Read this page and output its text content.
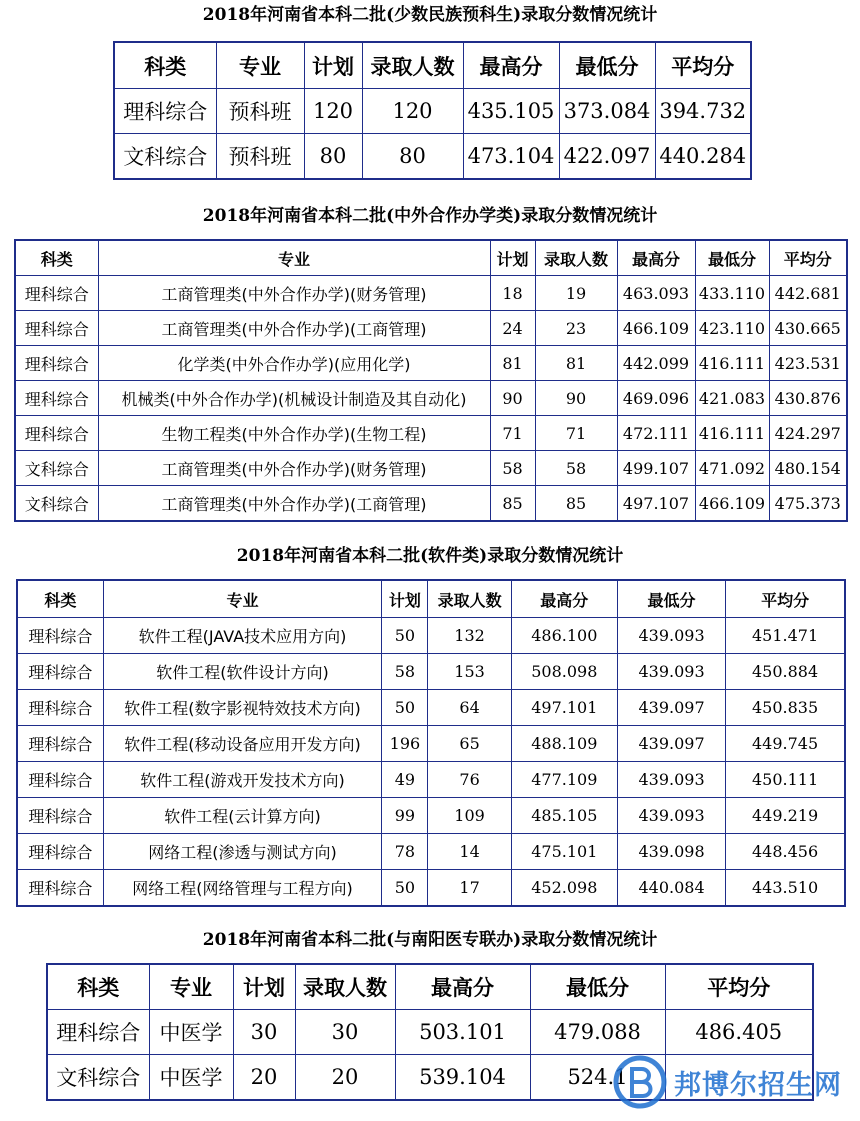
2018年河南省本科二批(少数民族预科生)录取分数情况统计

科类	专业	计划	录取人数	最高分	最低分	平均分
理科综合	预科班	120	120	435.105	373.084	394.732
文科综合	预科班	80	80	473.104	422.097	440.284

2018年河南省本科二批(中外合作办学类)录取分数情况统计

科类	专业	计划	录取人数	最高分	最低分	平均分
理科综合	工商管理类(中外合作办学)(财务管理)	18	19	463.093	433.110	442.681
理科综合	工商管理类(中外合作办学)(工商管理)	24	23	466.109	423.110	430.665
理科综合	化学类(中外合作办学)(应用化学)	81	81	442.099	416.111	423.531
理科综合	机械类(中外合作办学)(机械设计制造及其自动化)	90	90	469.096	421.083	430.876
理科综合	生物工程类(中外合作办学)(生物工程)	71	71	472.111	416.111	424.297
文科综合	工商管理类(中外合作办学)(财务管理)	58	58	499.107	471.092	480.154
文科综合	工商管理类(中外合作办学)(工商管理)	85	85	497.107	466.109	475.373

2018年河南省本科二批(软件类)录取分数情况统计

科类	专业	计划	录取人数	最高分	最低分	平均分
理科综合	软件工程(JAVA技术应用方向)	50	132	486.100	439.093	451.471
理科综合	软件工程(软件设计方向)	58	153	508.098	439.093	450.884
理科综合	软件工程(数字影视特效技术方向)	50	64	497.101	439.097	450.835
理科综合	软件工程(移动设备应用开发方向)	196	65	488.109	439.097	449.745
理科综合	软件工程(游戏开发技术方向)	49	76	477.109	439.093	450.111
理科综合	软件工程(云计算方向)	99	109	485.105	439.093	449.219
理科综合	网络工程(渗透与测试方向)	78	14	475.101	439.098	448.456
理科综合	网络工程(网络管理与工程方向)	50	17	452.098	440.084	443.510

2018年河南省本科二批(与南阳医专联办)录取分数情况统计

科类	专业	计划	录取人数	最高分	最低分	平均分
理科综合	中医学	30	30	503.101	479.088	486.405
文科综合	中医学	20	20	539.104	524.1	邦博尔招生网
